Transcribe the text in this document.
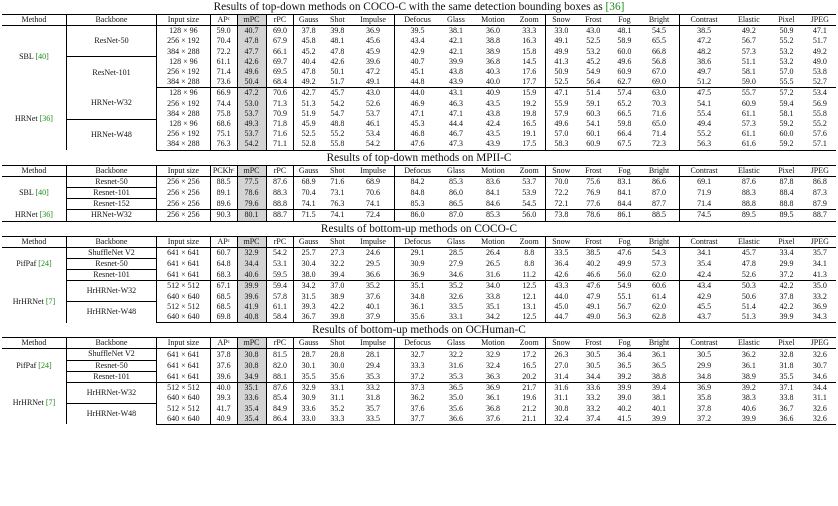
Results of top-down methods on COCO-C with the same detection bounding boxes as [36]
Method	Backbone	Input size	APᶜ	mPC	rPC	Gauss	Shot	Impulse	Defocus	Glass	Motion	Zoom	Snow	Frost	Fog	Bright	Contrast	Elastic	Pixel	JPEG
SBL [40]	ResNet-50	128 × 96	59.0	40.7	69.0	37.8	39.8	36.9	39.5	38.1	36.0	33.3	33.0	43.0	48.1	54.5	38.5	49.2	50.9	47.1
		256 × 192	70.4	47.8	67.9	45.8	48.1	45.6	43.4	42.1	38.8	16.3	49.1	52.5	58.9	65.5	47.2	56.7	55.2	51.7
		384 × 288	72.2	47.7	66.1	45.2	47.8	45.9	42.9	42.1	38.9	15.8	49.9	53.2	60.0	66.8	48.2	57.3	53.2	49.2
	ResNet-101	128 × 96	61.1	42.6	69.7	40.4	42.6	39.6	40.7	39.9	36.8	14.5	41.3	45.2	49.6	56.8	38.6	51.1	53.2	49.0
		256 × 192	71.4	49.6	69.5	47.8	50.1	47.2	45.1	43.8	40.3	17.6	50.9	54.9	60.9	67.0	49.7	58.1	57.0	53.8
		384 × 288	73.6	50.4	68.4	49.2	51.7	49.1	44.8	43.9	40.0	17.7	52.5	56.4	62.7	69.0	51.2	59.0	55.5	52.7
HRNet [36]	HRNet-W32	128 × 96	66.9	47.2	70.6	42.7	45.7	43.0	44.0	43.1	40.9	15.9	47.1	51.4	57.4	63.0	47.5	55.7	57.2	53.4
		256 × 192	74.4	53.0	71.3	51.3	54.2	52.6	46.9	46.3	43.5	19.2	55.9	59.1	65.2	70.3	54.1	60.9	59.4	56.9
		384 × 288	75.8	53.7	70.9	51.9	54.7	53.7	47.1	47.1	43.8	19.8	57.9	60.3	66.5	71.6	55.4	61.1	58.1	55.8
	HRNet-W48	128 × 96	68.6	49.3	71.8	45.9	48.8	46.1	45.3	44.4	42.4	16.5	49.6	54.1	59.8	65.0	49.4	57.3	59.2	55.2
		256 × 192	75.1	53.7	71.6	52.5	55.2	53.4	46.8	46.7	43.5	19.1	57.0	60.1	66.4	71.4	55.2	61.1	60.0	57.6
		384 × 288	76.3	54.2	71.1	52.8	55.8	54.2	47.6	47.3	43.9	17.5	58.3	60.9	67.5	72.3	56.3	61.6	59.2	57.1
Results of top-down methods on MPII-C
Method	Backbone	Input size	PCKhᶜ	mPC	rPC	Gauss	Shot	Impulse	Defocus	Glass	Motion	Zoom	Snow	Frost	Fog	Bright	Contrast	Elastic	Pixel	JPEG
SBL [40]	Resnet-50	256 × 256	88.5	77.5	87.6	68.9	71.6	68.9	84.2	85.3	83.6	53.7	70.0	75.6	83.1	86.6	69.1	87.6	87.8	86.8
	Resnet-101	256 × 256	89.1	78.6	88.3	70.4	73.1	70.6	84.8	86.0	84.1	53.9	72.2	76.9	84.1	87.0	71.9	88.3	88.4	87.3
	Resnet-152	256 × 256	89.6	79.6	88.8	74.1	76.3	74.1	85.3	86.5	84.6	54.5	72.1	77.6	84.4	87.7	71.4	88.8	88.8	87.9
HRNet [36]	HRNet-W32	256 × 256	90.3	80.1	88.7	71.5	74.1	72.4	86.0	87.0	85.3	56.0	73.8	78.6	86.1	88.5	74.5	89.5	89.5	88.7
Results of bottom-up methods on COCO-C
Method	Backbone	Input size	APᶜ	mPC	rPC	Gauss	Shot	Impulse	Defocus	Glass	Motion	Zoom	Snow	Frost	Fog	Bright	Contrast	Elastic	Pixel	JPEG
PifPaf [24]	ShuffleNet V2	641 × 641	60.7	32.9	54.2	25.7	27.3	24.6	29.1	28.5	26.4	8.8	33.5	38.5	47.6	54.3	34.1	45.7	33.4	35.7
	Resnet-50	641 × 641	64.8	34.4	53.1	30.4	32.2	29.5	30.9	27.9	26.5	8.8	36.4	40.2	49.9	57.3	35.4	47.8	29.9	34.1
	Resnet-101	641 × 641	68.3	40.6	59.5	38.0	39.4	36.6	36.9	34.6	31.6	11.2	42.6	46.6	56.0	62.0	42.4	52.6	37.2	41.3
HrHRNet [7]	HrHRNet-W32	512 × 512	67.1	39.9	59.4	34.2	37.0	35.2	35.1	35.2	34.0	12.5	43.3	47.6	54.9	60.6	43.4	50.3	42.2	35.0
		640 × 640	68.5	39.6	57.8	31.5	38.9	37.6	34.8	32.6	33.8	12.1	44.0	47.9	55.1	61.4	42.9	50.6	37.8	33.2
	HrHRNet-W48	512 × 512	68.5	41.9	61.1	39.3	42.2	40.1	36.1	33.5	35.1	13.1	45.0	49.1	56.7	62.0	45.5	51.4	42.2	36.9
		640 × 640	69.8	40.8	58.4	36.7	39.8	37.9	35.6	33.1	34.2	12.5	44.7	49.0	56.3	62.8	43.7	51.3	39.9	34.3
Results of bottom-up methods on OCHuman-C
Method	Backbone	Input size	APᶜ	mPC	rPC	Gauss	Shot	Impulse	Defocus	Glass	Motion	Zoom	Snow	Frost	Fog	Bright	Contrast	Elastic	Pixel	JPEG
PifPaf [24]	ShuffleNet V2	641 × 641	37.8	30.8	81.5	28.7	28.8	28.1	32.7	32.2	32.9	17.2	26.3	30.5	36.4	36.1	30.5	36.2	32.8	32.6
	Resnet-50	641 × 641	37.6	30.8	82.0	30.1	30.0	29.4	33.3	31.6	32.4	16.5	27.0	30.5	36.5	36.5	29.9	36.1	31.8	30.7
	Resnet-101	641 × 641	39.6	34.9	88.1	35.5	35.6	35.3	37.2	35.3	36.3	20.2	31.4	34.4	39.2	38.8	34.8	38.9	35.5	34.6
HrHRNet [7]	HrHRNet-W32	512 × 512	40.0	35.1	87.6	32.9	33.1	33.2	37.3	36.5	36.9	21.7	31.6	33.6	39.9	39.4	36.9	39.2	37.1	34.4
		640 × 640	39.3	33.6	85.4	30.9	31.1	31.8	36.2	35.0	36.1	19.6	31.1	33.2	39.0	38.1	35.8	38.3	33.8	31.1
	HrHRNet-W48	512 × 512	41.7	35.4	84.9	33.6	35.2	35.7	37.6	35.6	36.8	21.2	30.8	33.2	40.2	40.1	37.8	40.6	36.7	32.6
		640 × 640	40.9	35.4	86.4	33.0	33.3	33.5	37.7	36.6	37.6	21.1	32.4	37.4	41.5	39.9	37.2	39.9	36.6	32.6
